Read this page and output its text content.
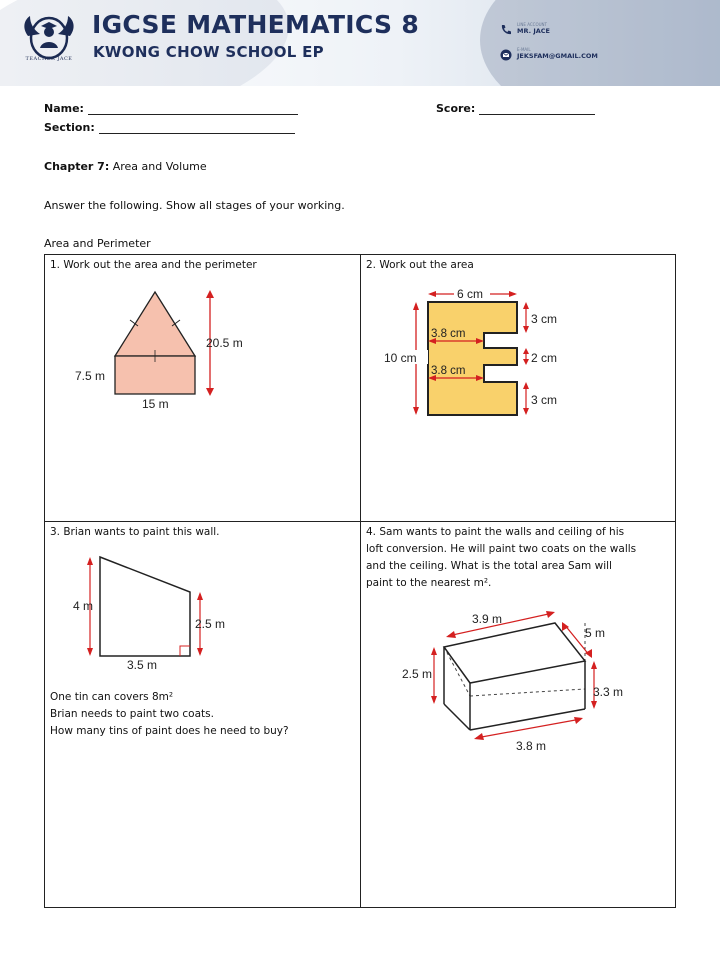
TEACHER JACE
IGCSE MATHEMATICS 8
KWONG CHOW SCHOOL EP
LINE ACCOUNT
MR. JACE
E-MAIL
JEKSFAM@GMAIL.COM
Name:	Score:
Section:
Chapter 7: Area and Volume
Answer the following. Show all stages of your working.
Area and Perimeter
1. Work out the area and the perimeter
20.5 m
7.5 m
15 m
2. Work out the area
6 cm
10 cm
3.8 cm
3.8 cm
3 cm
2 cm
3 cm
3. Brian wants to paint this wall.
4 m
2.5 m
3.5 m
One tin can covers 8m²
Brian needs to paint two coats.
How many tins of paint does he need to buy?
4. Sam wants to paint the walls and ceiling of his
loft conversion. He will paint two coats on the walls
and the ceiling. What is the total area Sam will
paint to the nearest m².
3.9 m
5 m
2.5 m
3.3 m
3.8 m
